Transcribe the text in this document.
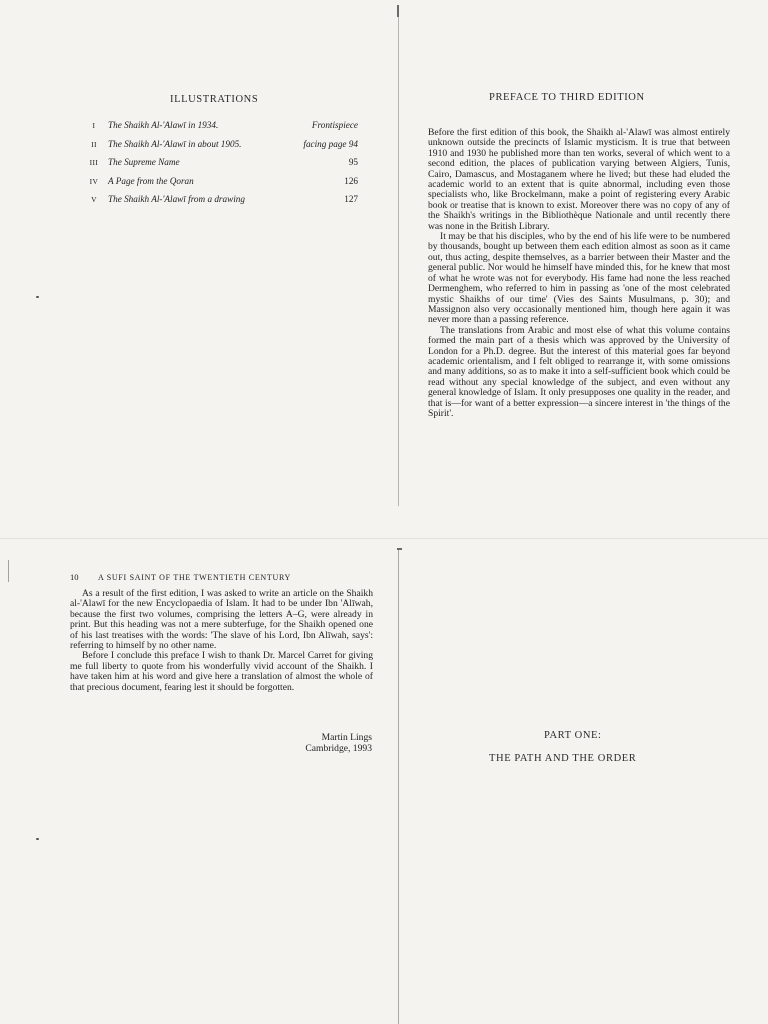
ILLUSTRATIONS
I	The Shaikh Al-'Alawī in 1934.	Frontispiece
II	The Shaikh Al-'Alawī in about 1905.	facing page 94
III	The Supreme Name	95
IV	A Page from the Qoran	126
V	The Shaikh Al-'Alawī from a drawing	127
PREFACE TO THIRD EDITION

Before the first edition of this book, the Shaikh al-'Alawī was almost entirely unknown outside the precincts of Islamic mysticism. It is true that between 1910 and 1930 he published more than ten works, several of which went to a second edition, the places of publication varying between Algiers, Tunis, Cairo, Damascus, and Mostaganem where he lived; but these had eluded the academic world to an extent that is quite abnormal, including even those specialists who, like Brockelmann, make a point of registering every Arabic book or treatise that is known to exist. Moreover there was no copy of any of the Shaikh's writings in the Bibliothèque Nationale and until recently there was none in the British Library.

It may be that his disciples, who by the end of his life were to be numbered by thousands, bought up between them each edition almost as soon as it came out, thus acting, despite themselves, as a barrier between their Master and the general public. Nor would he himself have minded this, for he knew that most of what he wrote was not for everybody. His fame had none the less reached Dermenghem, who referred to him in passing as 'one of the most celebrated mystic Shaikhs of our time' (Vies des Saints Musulmans, p. 30); and Massignon also very occasionally mentioned him, though here again it was never more than a passing reference.

The translations from Arabic and most else of what this volume contains formed the main part of a thesis which was approved by the University of London for a Ph.D. degree. But the interest of this material goes far beyond academic orientalism, and I felt obliged to rearrange it, with some omissions and many additions, so as to make it into a self-sufficient book which could be read without any special knowledge of the subject, and even without any general knowledge of Islam. It only presupposes one quality in the reader, and that is—for want of a better expression—a sincere interest in 'the things of the Spirit'.

10 A SUFI SAINT OF THE TWENTIETH CENTURY

As a result of the first edition, I was asked to write an article on the Shaikh al-'Alawī for the new Encyclopaedia of Islam. It had to be under Ibn 'Alīwah, because the first two volumes, comprising the letters A–G, were already in print. But this heading was not a mere subterfuge, for the Shaikh opened one of his last treatises with the words: 'The slave of his Lord, Ibn Alīwah, says': referring to himself by no other name.

Before I conclude this preface I wish to thank Dr. Marcel Carret for giving me full liberty to quote from his wonderfully vivid account of the Shaikh. I have taken him at his word and give here a translation of almost the whole of that precious document, fearing lest it should be forgotten.

Martin Lings
Cambridge, 1993
PART ONE:
THE PATH AND THE ORDER
